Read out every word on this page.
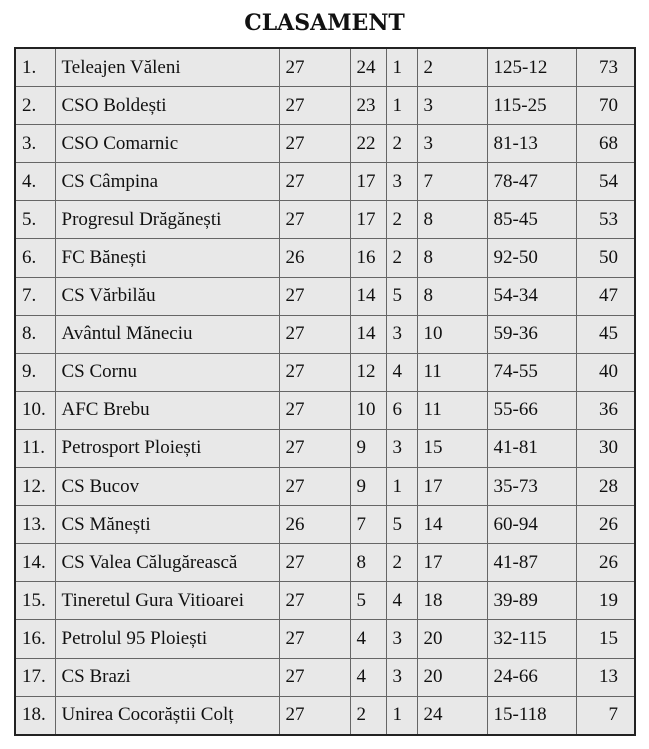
CLASAMENT
1.	Teleajen Văleni	27	24	1	2	125-12	73
2.	CSO Boldești	27	23	1	3	115-25	70
3.	CSO Comarnic	27	22	2	3	81-13	68
4.	CS Câmpina	27	17	3	7	78-47	54
5.	Progresul Drăgănești	27	17	2	8	85-45	53
6.	FC Bănești	26	16	2	8	92-50	50
7.	CS Vărbilău	27	14	5	8	54-34	47
8.	Avântul Măneciu	27	14	3	10	59-36	45
9.	CS Cornu	27	12	4	11	74-55	40
10.	AFC Brebu	27	10	6	11	55-66	36
11.	Petrosport Ploiești	27	9	3	15	41-81	30
12.	CS Bucov	27	9	1	17	35-73	28
13.	CS Mănești	26	7	5	14	60-94	26
14.	CS Valea Călugărească	27	8	2	17	41-87	26
15.	Tineretul Gura Vitioarei	27	5	4	18	39-89	19
16.	Petrolul 95 Ploiești	27	4	3	20	32-115	15
17.	CS Brazi	27	4	3	20	24-66	13
18.	Unirea Cocorăștii Colț	27	2	1	24	15-118	7
